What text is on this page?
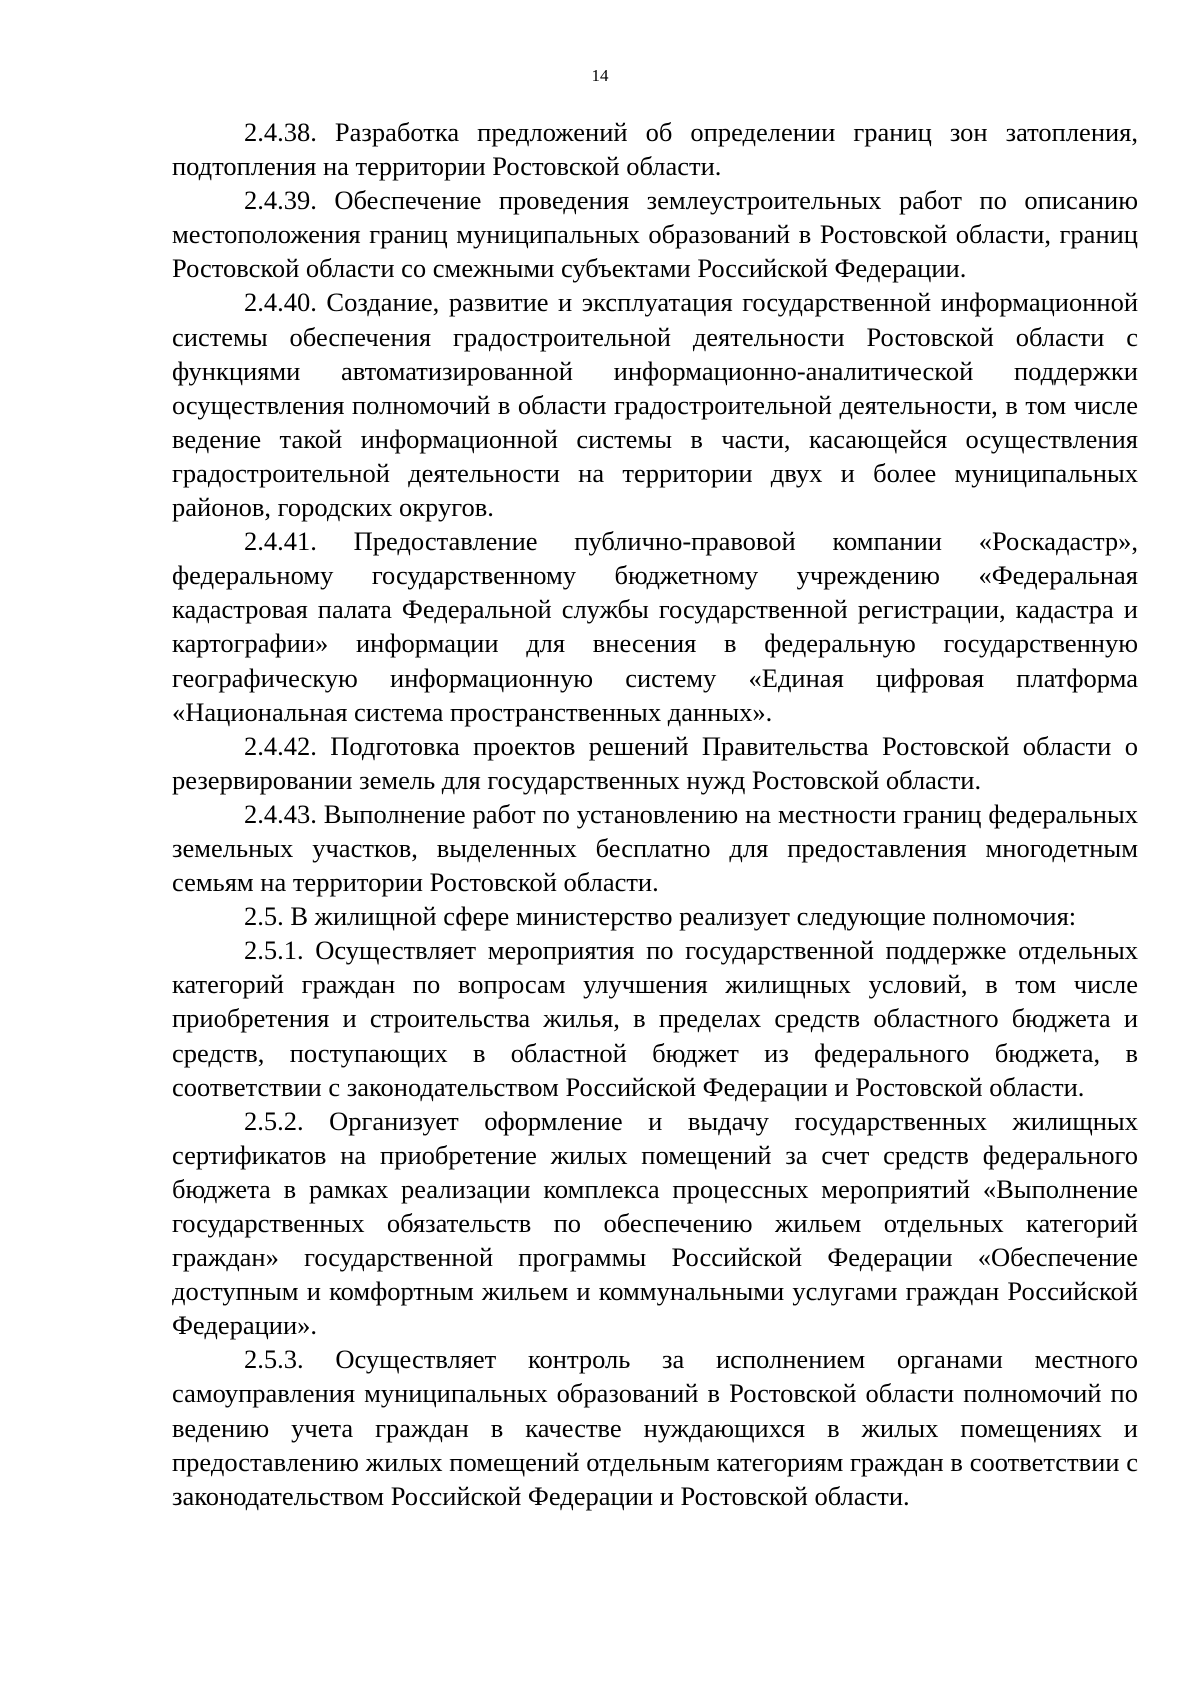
14

2.4.38. Разработка предложений об определении границ зон затопления, подтопления на территории Ростовской области.

2.4.39. Обеспечение проведения землеустроительных работ по описанию местоположения границ муниципальных образований в Ростовской области, границ Ростовской области со смежными субъектами Российской Федерации.

2.4.40. Создание, развитие и эксплуатация государственной информационной системы обеспечения градостроительной деятельности Ростовской области с функциями автоматизированной информационно-аналитической поддержки осуществления полномочий в области градостроительной деятельности, в том числе ведение такой информационной системы в части, касающейся осуществления градостроительной деятельности на территории двух и более муниципальных районов, городских округов.

2.4.41. Предоставление публично-правовой компании «Роскадастр», федеральному государственному бюджетному учреждению «Федеральная кадастровая палата Федеральной службы государственной регистрации, кадастра и картографии» информации для внесения в федеральную государственную географическую информационную систему «Единая цифровая платформа «Национальная система пространственных данных».

2.4.42. Подготовка проектов решений Правительства Ростовской области о резервировании земель для государственных нужд Ростовской области.

2.4.43. Выполнение работ по установлению на местности границ федеральных земельных участков, выделенных бесплатно для предоставления многодетным семьям на территории Ростовской области.

2.5. В жилищной сфере министерство реализует следующие полномочия:

2.5.1. Осуществляет мероприятия по государственной поддержке отдельных категорий граждан по вопросам улучшения жилищных условий, в том числе приобретения и строительства жилья, в пределах средств областного бюджета и средств, поступающих в областной бюджет из федерального бюджета, в соответствии с законодательством Российской Федерации и Ростовской области.

2.5.2. Организует оформление и выдачу государственных жилищных сертификатов на приобретение жилых помещений за счет средств федерального бюджета в рамках реализации комплекса процессных мероприятий «Выполнение государственных обязательств по обеспечению жильем отдельных категорий граждан» государственной программы Российской Федерации «Обеспечение доступным и комфортным жильем и коммунальными услугами граждан Российской Федерации».

2.5.3. Осуществляет контроль за исполнением органами местного самоуправления муниципальных образований в Ростовской области полномочий по ведению учета граждан в качестве нуждающихся в жилых помещениях и предоставлению жилых помещений отдельным категориям граждан в соответствии с законодательством Российской Федерации и Ростовской области.
